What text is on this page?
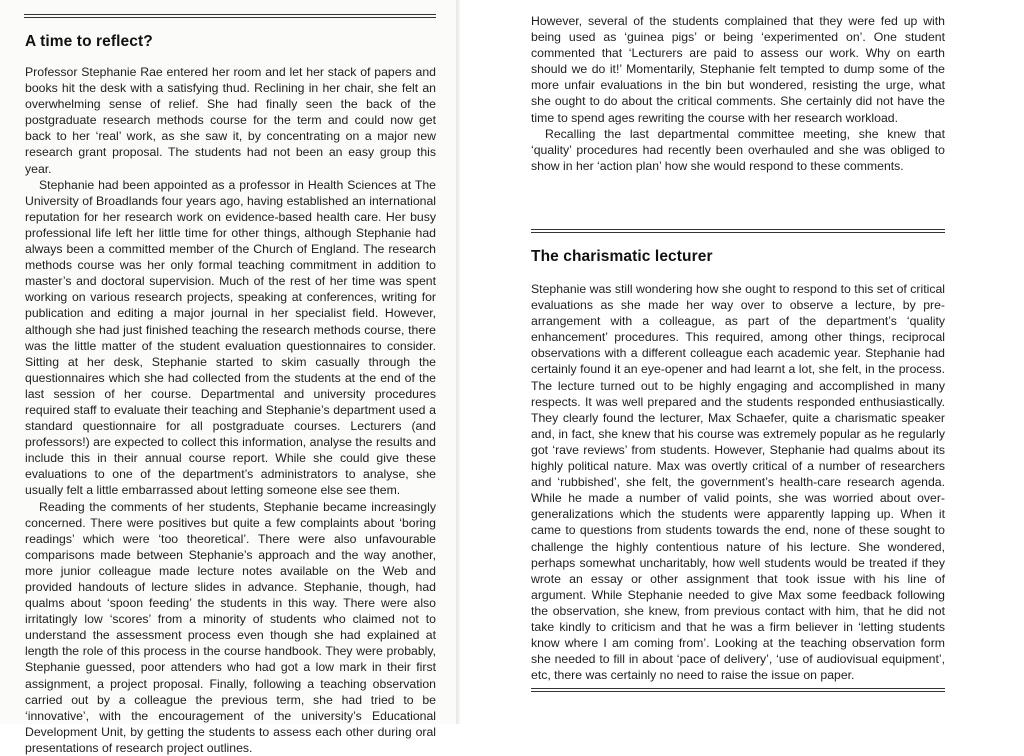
A time to reflect?

Professor Stephanie Rae entered her room and let her stack of papers and books hit the desk with a satisfying thud. Reclining in her chair, she felt an overwhelming sense of relief. She had finally seen the back of the postgraduate research methods course for the term and could now get back to her ‘real’ work, as she saw it, by concentrating on a major new research grant proposal. The students had not been an easy group this year.

Stephanie had been appointed as a professor in Health Sciences at The University of Broadlands four years ago, having established an international reputation for her research work on evidence-based health care. Her busy professional life left her little time for other things, although Stephanie had always been a committed member of the Church of England. The research methods course was her only formal teaching commitment in addition to master’s and doctoral supervision. Much of the rest of her time was spent working on various research projects, speaking at conferences, writing for publication and editing a major journal in her specialist field. However, although she had just finished teaching the research methods course, there was the little matter of the student evaluation questionnaires to consider. Sitting at her desk, Stephanie started to skim casually through the questionnaires which she had collected from the students at the end of the last session of her course. Departmental and university procedures required staff to evaluate their teaching and Stephanie’s department used a standard questionnaire for all postgraduate courses. Lecturers (and professors!) are expected to collect this information, analyse the results and include this in their annual course report. While she could give these evaluations to one of the department’s administrators to analyse, she usually felt a little embarrassed about letting someone else see them.

Reading the comments of her students, Stephanie became increasingly concerned. There were positives but quite a few complaints about ‘boring readings’ which were ‘too theoretical’. There were also unfavourable comparisons made between Stephanie’s approach and the way another, more junior colleague made lecture notes available on the Web and provided handouts of lecture slides in advance. Stephanie, though, had qualms about ‘spoon feeding’ the students in this way. There were also irritatingly low ‘scores’ from a minority of students who claimed not to understand the assessment process even though she had explained at length the role of this process in the course handbook. They were probably, Stephanie guessed, poor attenders who had got a low mark in their first assignment, a project proposal. Finally, following a teaching observation carried out by a colleague the previous term, she had tried to be ‘innovative’, with the encouragement of the university’s Educational Development Unit, by getting the students to assess each other during oral presentations of research project outlines.

However, several of the students complained that they were fed up with being used as ‘guinea pigs’ or being ‘experimented on’. One student commented that ‘Lecturers are paid to assess our work. Why on earth should we do it!’ Momentarily, Stephanie felt tempted to dump some of the more unfair evaluations in the bin but wondered, resisting the urge, what she ought to do about the critical comments. She certainly did not have the time to spend ages rewriting the course with her research workload.

Recalling the last departmental committee meeting, she knew that ‘quality’ procedures had recently been overhauled and she was obliged to show in her ‘action plan’ how she would respond to these comments.

The charismatic lecturer

Stephanie was still wondering how she ought to respond to this set of critical evaluations as she made her way over to observe a lecture, by pre-arrangement with a colleague, as part of the department’s ‘quality enhancement’ procedures. This required, among other things, reciprocal observations with a different colleague each academic year. Stephanie had certainly found it an eye-opener and had learnt a lot, she felt, in the process. The lecture turned out to be highly engaging and accomplished in many respects. It was well prepared and the students responded enthusiastically. They clearly found the lecturer, Max Schaefer, quite a charismatic speaker and, in fact, she knew that his course was extremely popular as he regularly got ‘rave reviews’ from students. However, Stephanie had qualms about its highly political nature. Max was overtly critical of a number of researchers and ‘rubbished’, she felt, the government’s health-care research agenda. While he made a number of valid points, she was worried about over-generalizations which the students were apparently lapping up. When it came to questions from students towards the end, none of these sought to challenge the highly contentious nature of his lecture. She wondered, perhaps somewhat uncharitably, how well students would be treated if they wrote an essay or other assignment that took issue with his line of argument. While Stephanie needed to give Max some feedback following the observation, she knew, from previous contact with him, that he did not take kindly to criticism and that he was a firm believer in ‘letting students know where I am coming from’. Looking at the teaching observation form she needed to fill in about ‘pace of delivery’, ‘use of audiovisual equipment’, etc, there was certainly no need to raise the issue on paper.
